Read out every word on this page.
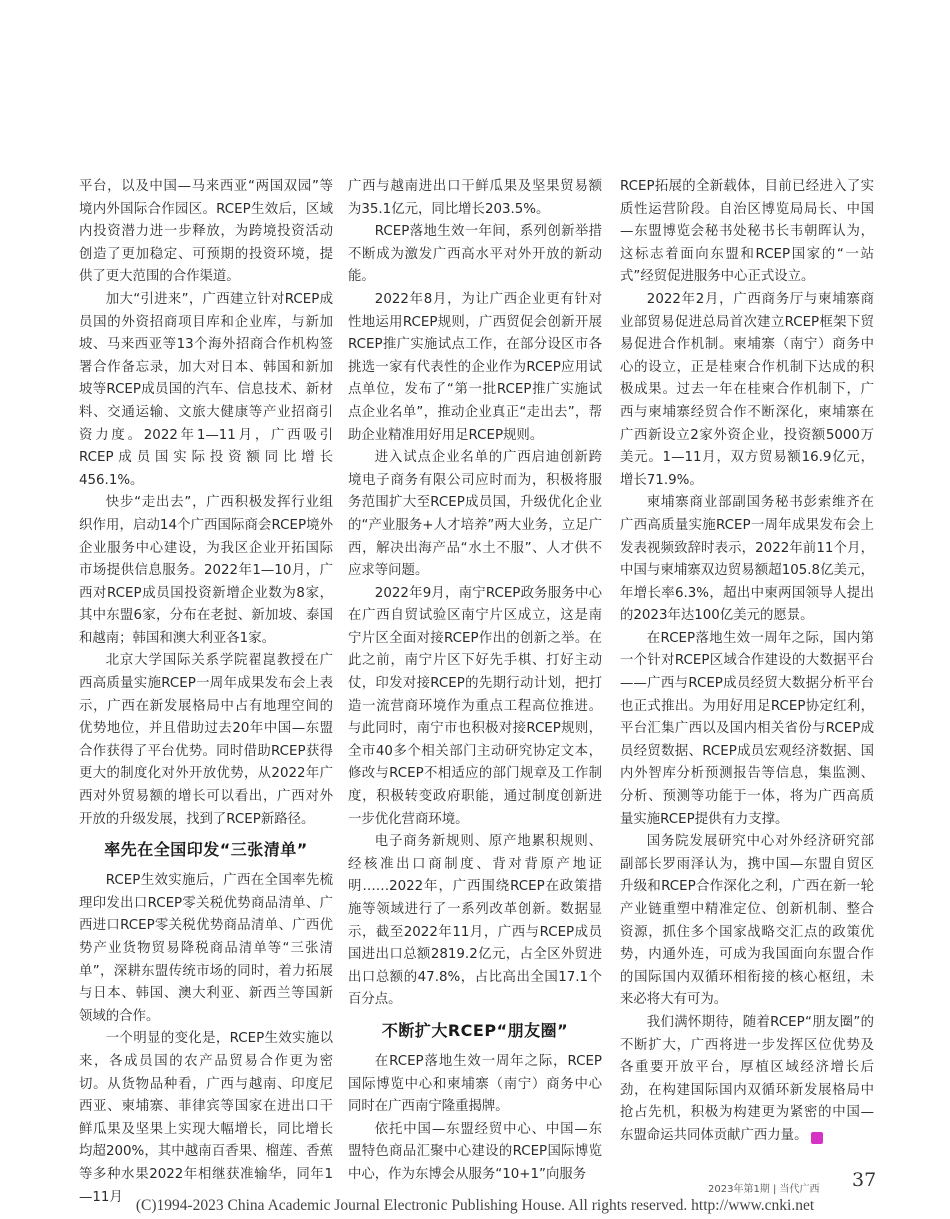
平台，以及中国—马来西亚“两国双园”等境内外国际合作园区。RCEP生效后，区域内投资潜力进一步释放，为跨境投资活动创造了更加稳定、可预期的投资环境，提供了更大范围的合作渠道。

加大“引进来”，广西建立针对RCEP成员国的外资招商项目库和企业库，与新加坡、马来西亚等13个海外招商合作机构签署合作备忘录，加大对日本、韩国和新加坡等RCEP成员国的汽车、信息技术、新材料、交通运输、文旅大健康等产业招商引资力度。2022年1—11月，广西吸引RCEP成员国实际投资额同比增长456.1%。

快步“走出去”，广西积极发挥行业组织作用，启动14个广西国际商会RCEP境外企业服务中心建设，为我区企业开拓国际市场提供信息服务。2022年1—10月，广西对RCEP成员国投资新增企业数为8家，其中东盟6家，分布在老挝、新加坡、泰国和越南；韩国和澳大利亚各1家。

北京大学国际关系学院翟崑教授在广西高质量实施RCEP一周年成果发布会上表示，广西在新发展格局中占有地理空间的优势地位，并且借助过去20年中国—东盟合作获得了平台优势。同时借助RCEP获得更大的制度化对外开放优势，从2022年广西对外贸易额的增长可以看出，广西对外开放的升级发展，找到了RCEP新路径。

率先在全国印发“三张清单”

RCEP生效实施后，广西在全国率先梳理印发出口RCEP零关税优势商品清单、广西进口RCEP零关税优势商品清单、广西优势产业货物贸易降税商品清单等“三张清单”，深耕东盟传统市场的同时，着力拓展与日本、韩国、澳大利亚、新西兰等国新领域的合作。

一个明显的变化是，RCEP生效实施以来，各成员国的农产品贸易合作更为密切。从货物品种看，广西与越南、印度尼西亚、柬埔寨、菲律宾等国家在进出口干鲜瓜果及坚果上实现大幅增长，同比增长均超200%，其中越南百香果、榴莲、香蕉等多种水果2022年相继获准输华，同年1—11月

广西与越南进出口干鲜瓜果及坚果贸易额为35.1亿元，同比增长203.5%。

RCEP落地生效一年间，系列创新举措不断成为激发广西高水平对外开放的新动能。

2022年8月，为让广西企业更有针对性地运用RCEP规则，广西贸促会创新开展RCEP推广实施试点工作，在部分设区市各挑选一家有代表性的企业作为RCEP应用试点单位，发布了“第一批RCEP推广实施试点企业名单”，推动企业真正“走出去”，帮助企业精准用好用足RCEP规则。

进入试点企业名单的广西启迪创新跨境电子商务有限公司应时而为，积极将服务范围扩大至RCEP成员国，升级优化企业的“产业服务+人才培养”两大业务，立足广西，解决出海产品“水土不服”、人才供不应求等问题。

2022年9月，南宁RCEP政务服务中心在广西自贸试验区南宁片区成立，这是南宁片区全面对接RCEP作出的创新之举。在此之前，南宁片区下好先手棋、打好主动仗，印发对接RCEP的先期行动计划，把打造一流营商环境作为重点工程高位推进。与此同时，南宁市也积极对接RCEP规则，全市40多个相关部门主动研究协定文本，修改与RCEP不相适应的部门规章及工作制度，积极转变政府职能，通过制度创新进一步优化营商环境。

电子商务新规则、原产地累积规则、经核准出口商制度、背对背原产地证明……2022年，广西围绕RCEP在政策措施等领域进行了一系列改革创新。数据显示，截至2022年11月，广西与RCEP成员国进出口总额2819.2亿元，占全区外贸进出口总额的47.8%，占比高出全国17.1个百分点。

不断扩大RCEP“朋友圈”

在RCEP落地生效一周年之际，RCEP国际博览中心和柬埔寨（南宁）商务中心同时在广西南宁隆重揭牌。

依托中国—东盟经贸中心、中国—东盟特色商品汇聚中心建设的RCEP国际博览中心，作为东博会从服务“10+1”向服务

RCEP拓展的全新载体，目前已经进入了实质性运营阶段。自治区博览局局长、中国—东盟博览会秘书处秘书长韦朝晖认为，这标志着面向东盟和RCEP国家的“一站式”经贸促进服务中心正式设立。

2022年2月，广西商务厅与柬埔寨商业部贸易促进总局首次建立RCEP框架下贸易促进合作机制。柬埔寨（南宁）商务中心的设立，正是桂柬合作机制下达成的积极成果。过去一年在桂柬合作机制下，广西与柬埔寨经贸合作不断深化，柬埔寨在广西新设立2家外资企业，投资额5000万美元。1—11月，双方贸易额16.9亿元，增长71.9%。

柬埔寨商业部副国务秘书彭索维齐在广西高质量实施RCEP一周年成果发布会上发表视频致辞时表示，2022年前11个月，中国与柬埔寨双边贸易额超105.8亿美元，年增长率6.3%，超出中柬两国领导人提出的2023年达100亿美元的愿景。

在RCEP落地生效一周年之际，国内第一个针对RCEP区域合作建设的大数据平台——广西与RCEP成员经贸大数据分析平台也正式推出。为用好用足RCEP协定红利，平台汇集广西以及国内相关省份与RCEP成员经贸数据、RCEP成员宏观经济数据、国内外智库分析预测报告等信息，集监测、分析、预测等功能于一体，将为广西高质量实施RCEP提供有力支撑。

国务院发展研究中心对外经济研究部副部长罗雨泽认为，携中国—东盟自贸区升级和RCEP合作深化之利，广西在新一轮产业链重塑中精准定位、创新机制、整合资源，抓住多个国家战略交汇点的政策优势，内通外连，可成为我国面向东盟合作的国际国内双循环相衔接的核心枢纽，未来必将大有可为。

我们满怀期待，随着RCEP“朋友圈”的不断扩大，广西将进一步发挥区位优势及各重要开放平台，厚植区域经济增长后劲，在构建国际国内双循环新发展格局中抢占先机，积极为构建更为紧密的中国—东盟命运共同体贡献广西力量。	⊃

2023年第1期 | 当代广西 37
(C)1994-2023 China Academic Journal Electronic Publishing House. All rights reserved. http://www.cnki.net
